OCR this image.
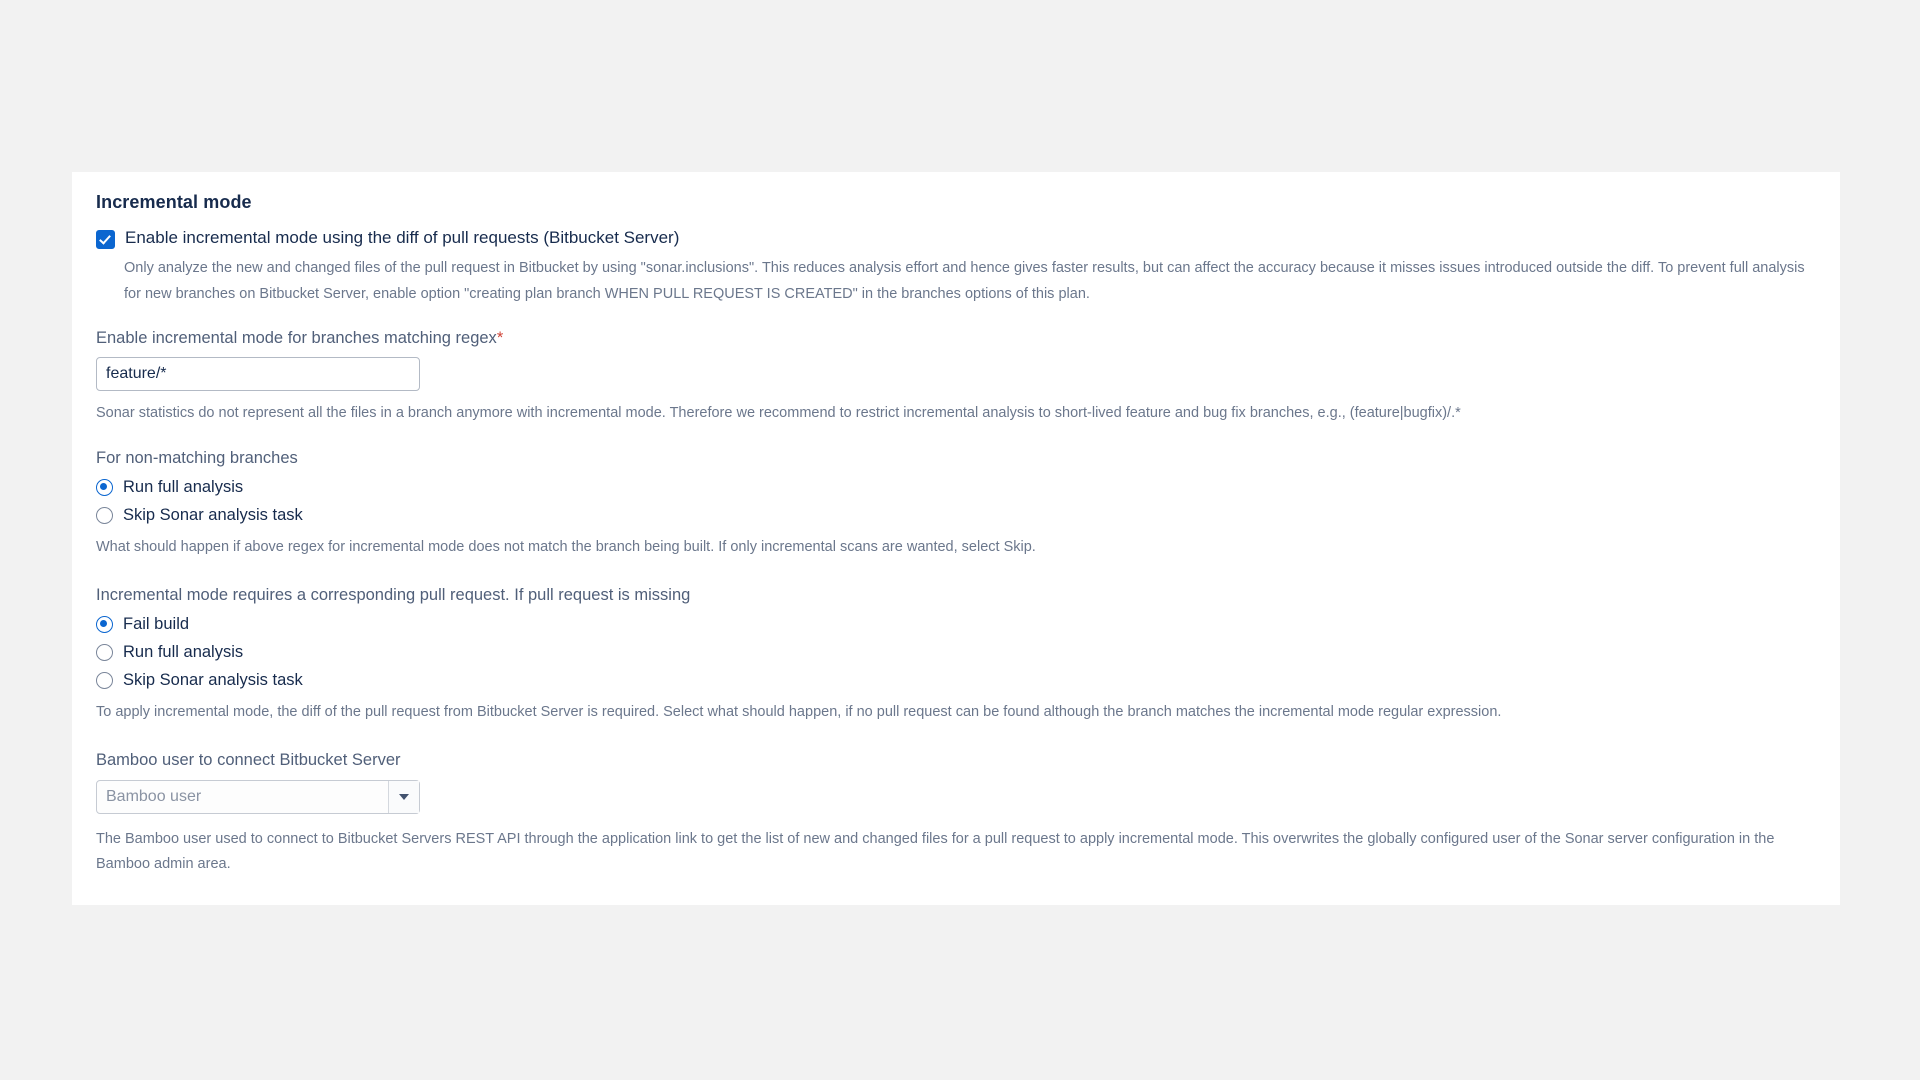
Incremental mode
Enable incremental mode using the diff of pull requests (Bitbucket Server)

Only analyze the new and changed files of the pull request in Bitbucket by using "sonar.inclusions". This reduces analysis effort and hence gives faster results, but can affect the accuracy because it misses issues introduced outside the diff. To prevent full analysis for new branches on Bitbucket Server, enable option "creating plan branch WHEN PULL REQUEST IS CREATED" in the branches options of this plan.

Enable incremental mode for branches matching regex*
feature/*
Sonar statistics do not represent all the files in a branch anymore with incremental mode. Therefore we recommend to restrict incremental analysis to short-lived feature and bug fix branches, e.g., (feature|bugfix)/.*
For non-matching branches
Run full analysis
Skip Sonar analysis task
What should happen if above regex for incremental mode does not match the branch being built. If only incremental scans are wanted, select Skip.
Incremental mode requires a corresponding pull request. If pull request is missing
Fail build
Run full analysis
Skip Sonar analysis task
To apply incremental mode, the diff of the pull request from Bitbucket Server is required. Select what should happen, if no pull request can be found although the branch matches the incremental mode regular expression.
Bamboo user to connect Bitbucket Server
Bamboo user
The Bamboo user used to connect to Bitbucket Servers REST API through the application link to get the list of new and changed files for a pull request to apply incremental mode. This overwrites the globally configured user of the Sonar server configuration in the Bamboo admin area.
